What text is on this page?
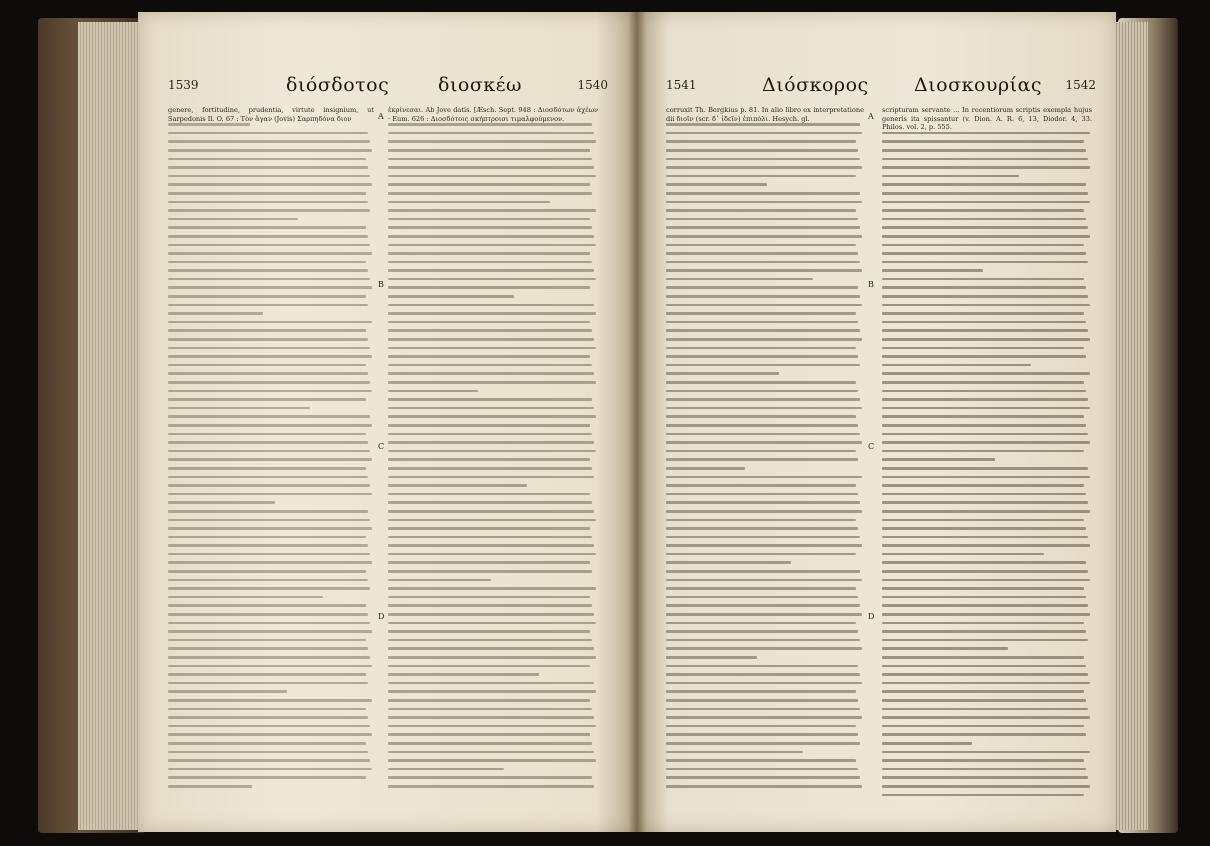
1539	διόσδοτος	διοσκέω	1540
genere, fortitudine, prudentia, virtute insignium, ut Sarpedonis Il. O. 67 : Τὸν ἄγαν (Jovis) Σαρπηδόνα διον
ἐκρίνεσαι. Ab Jove datis. [Æsch. Sept. 948 : Διοσδότων ἀχέων · Eum. 626 : Διοσδότοις σκήπτροισι τιμαλφούμενον.
A
B
C
D
1541	Διόσκορος Διοσκουρίας 1542
corruxit Th. Bergkius p. 81. In alio libro ex interpretatione dii διοῖν (scr. δ᾽ ἰδεῖν) ἐπιπόλι. Hesych. gl.
scripturam servante ... In recentiorum scriptis exempla hujus generis ita spissantur (v. Dion. A. R. 6, 13, Diodor. 4, 33. Philos. vol. 2, p. 555.
A
B
C
D
